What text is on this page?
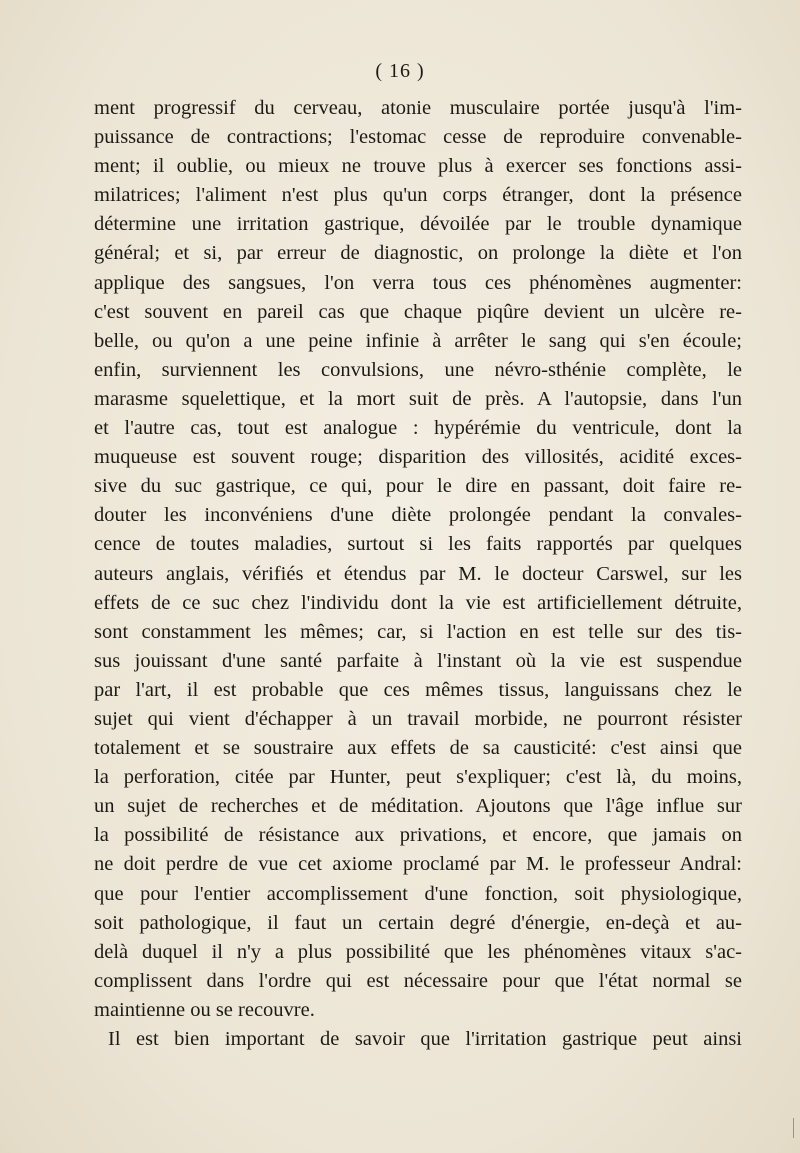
( 16 )
ment progressif du cerveau, atonie musculaire portée jusqu'à l'im-
puissance de contractions; l'estomac cesse de reproduire convenable-
ment; il oublie, ou mieux ne trouve plus à exercer ses fonctions assi-
milatrices; l'aliment n'est plus qu'un corps étranger, dont la présence
détermine une irritation gastrique, dévoilée par le trouble dynamique
général; et si, par erreur de diagnostic, on prolonge la diète et l'on
applique des sangsues, l'on verra tous ces phénomènes augmenter:
c'est souvent en pareil cas que chaque piqûre devient un ulcère re-
belle, ou qu'on a une peine infinie à arrêter le sang qui s'en écoule;
enfin, surviennent les convulsions, une névro-sthénie complète, le
marasme squelettique, et la mort suit de près. A l'autopsie, dans l'un
et l'autre cas, tout est analogue : hypérémie du ventricule, dont la
muqueuse est souvent rouge; disparition des villosités, acidité exces-
sive du suc gastrique, ce qui, pour le dire en passant, doit faire re-
douter les inconvéniens d'une diète prolongée pendant la convales-
cence de toutes maladies, surtout si les faits rapportés par quelques
auteurs anglais, vérifiés et étendus par M. le docteur Carswel, sur les
effets de ce suc chez l'individu dont la vie est artificiellement détruite,
sont constamment les mêmes; car, si l'action en est telle sur des tis-
sus jouissant d'une santé parfaite à l'instant où la vie est suspendue
par l'art, il est probable que ces mêmes tissus, languissans chez le
sujet qui vient d'échapper à un travail morbide, ne pourront résister
totalement et se soustraire aux effets de sa causticité: c'est ainsi que
la perforation, citée par Hunter, peut s'expliquer; c'est là, du moins,
un sujet de recherches et de méditation. Ajoutons que l'âge influe sur
la possibilité de résistance aux privations, et encore, que jamais on
ne doit perdre de vue cet axiome proclamé par M. le professeur Andral:
que pour l'entier accomplissement d'une fonction, soit physiologique,
soit pathologique, il faut un certain degré d'énergie, en-deçà et au-
delà duquel il n'y a plus possibilité que les phénomènes vitaux s'ac-
complissent dans l'ordre qui est nécessaire pour que l'état normal se
maintienne ou se recouvre.
Il est bien important de savoir que l'irritation gastrique peut ainsi
